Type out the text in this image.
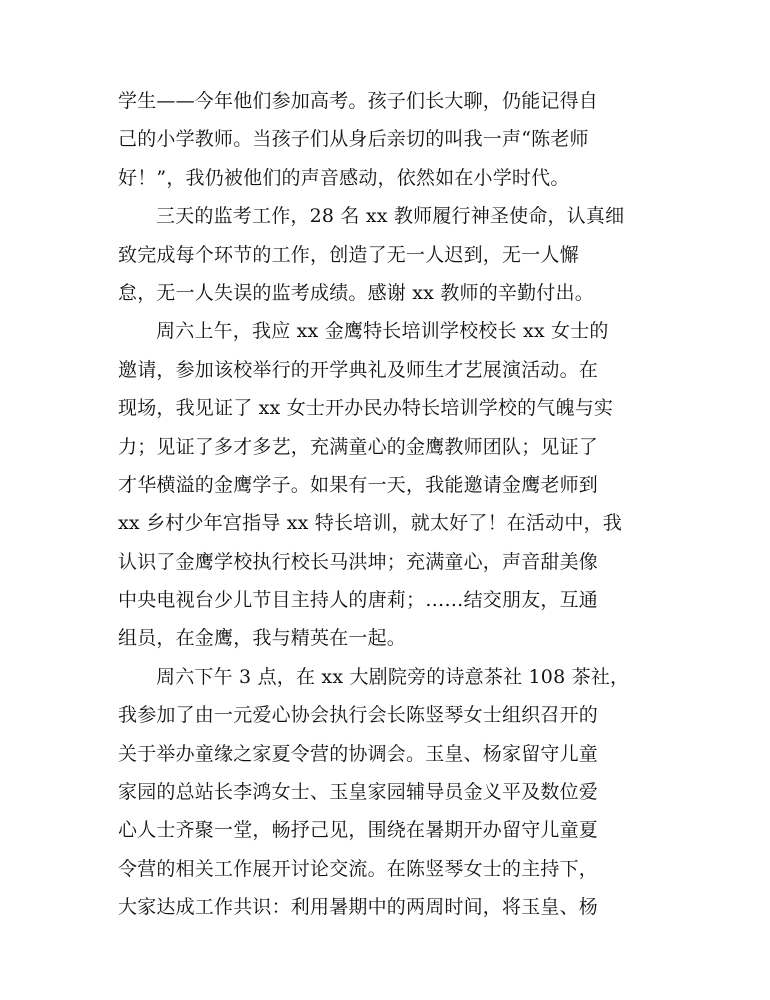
学生——今年他们参加高考。孩子们长大聊，仍能记得自
己的小学教师。当孩子们从身后亲切的叫我一声“陈老师
好！”，我仍被他们的声音感动，依然如在小学时代。
三天的监考工作，28 名 xx 教师履行神圣使命，认真细
致完成每个环节的工作，创造了无一人迟到，无一人懈
怠，无一人失误的监考成绩。感谢 xx 教师的辛勤付出。
周六上午，我应 xx 金鹰特长培训学校校长 xx 女士的
邀请，参加该校举行的开学典礼及师生才艺展演活动。在
现场，我见证了 xx 女士开办民办特长培训学校的气魄与实
力；见证了多才多艺，充满童心的金鹰教师团队；见证了
才华横溢的金鹰学子。如果有一天，我能邀请金鹰老师到
xx 乡村少年宫指导 xx 特长培训，就太好了！在活动中，我
认识了金鹰学校执行校长马洪坤；充满童心，声音甜美像
中央电视台少儿节目主持人的唐莉；……结交朋友，互通
组员，在金鹰，我与精英在一起。
周六下午 3 点，在 xx 大剧院旁的诗意茶社 108 茶社，
我参加了由一元爱心协会执行会长陈竖琴女士组织召开的
关于举办童缘之家夏令营的协调会。玉皇、杨家留守儿童
家园的总站长李鸿女士、玉皇家园辅导员金义平及数位爱
心人士齐聚一堂，畅抒己见，围绕在暑期开办留守儿童夏
令营的相关工作展开讨论交流。在陈竖琴女士的主持下，
大家达成工作共识：利用暑期中的两周时间，将玉皇、杨
